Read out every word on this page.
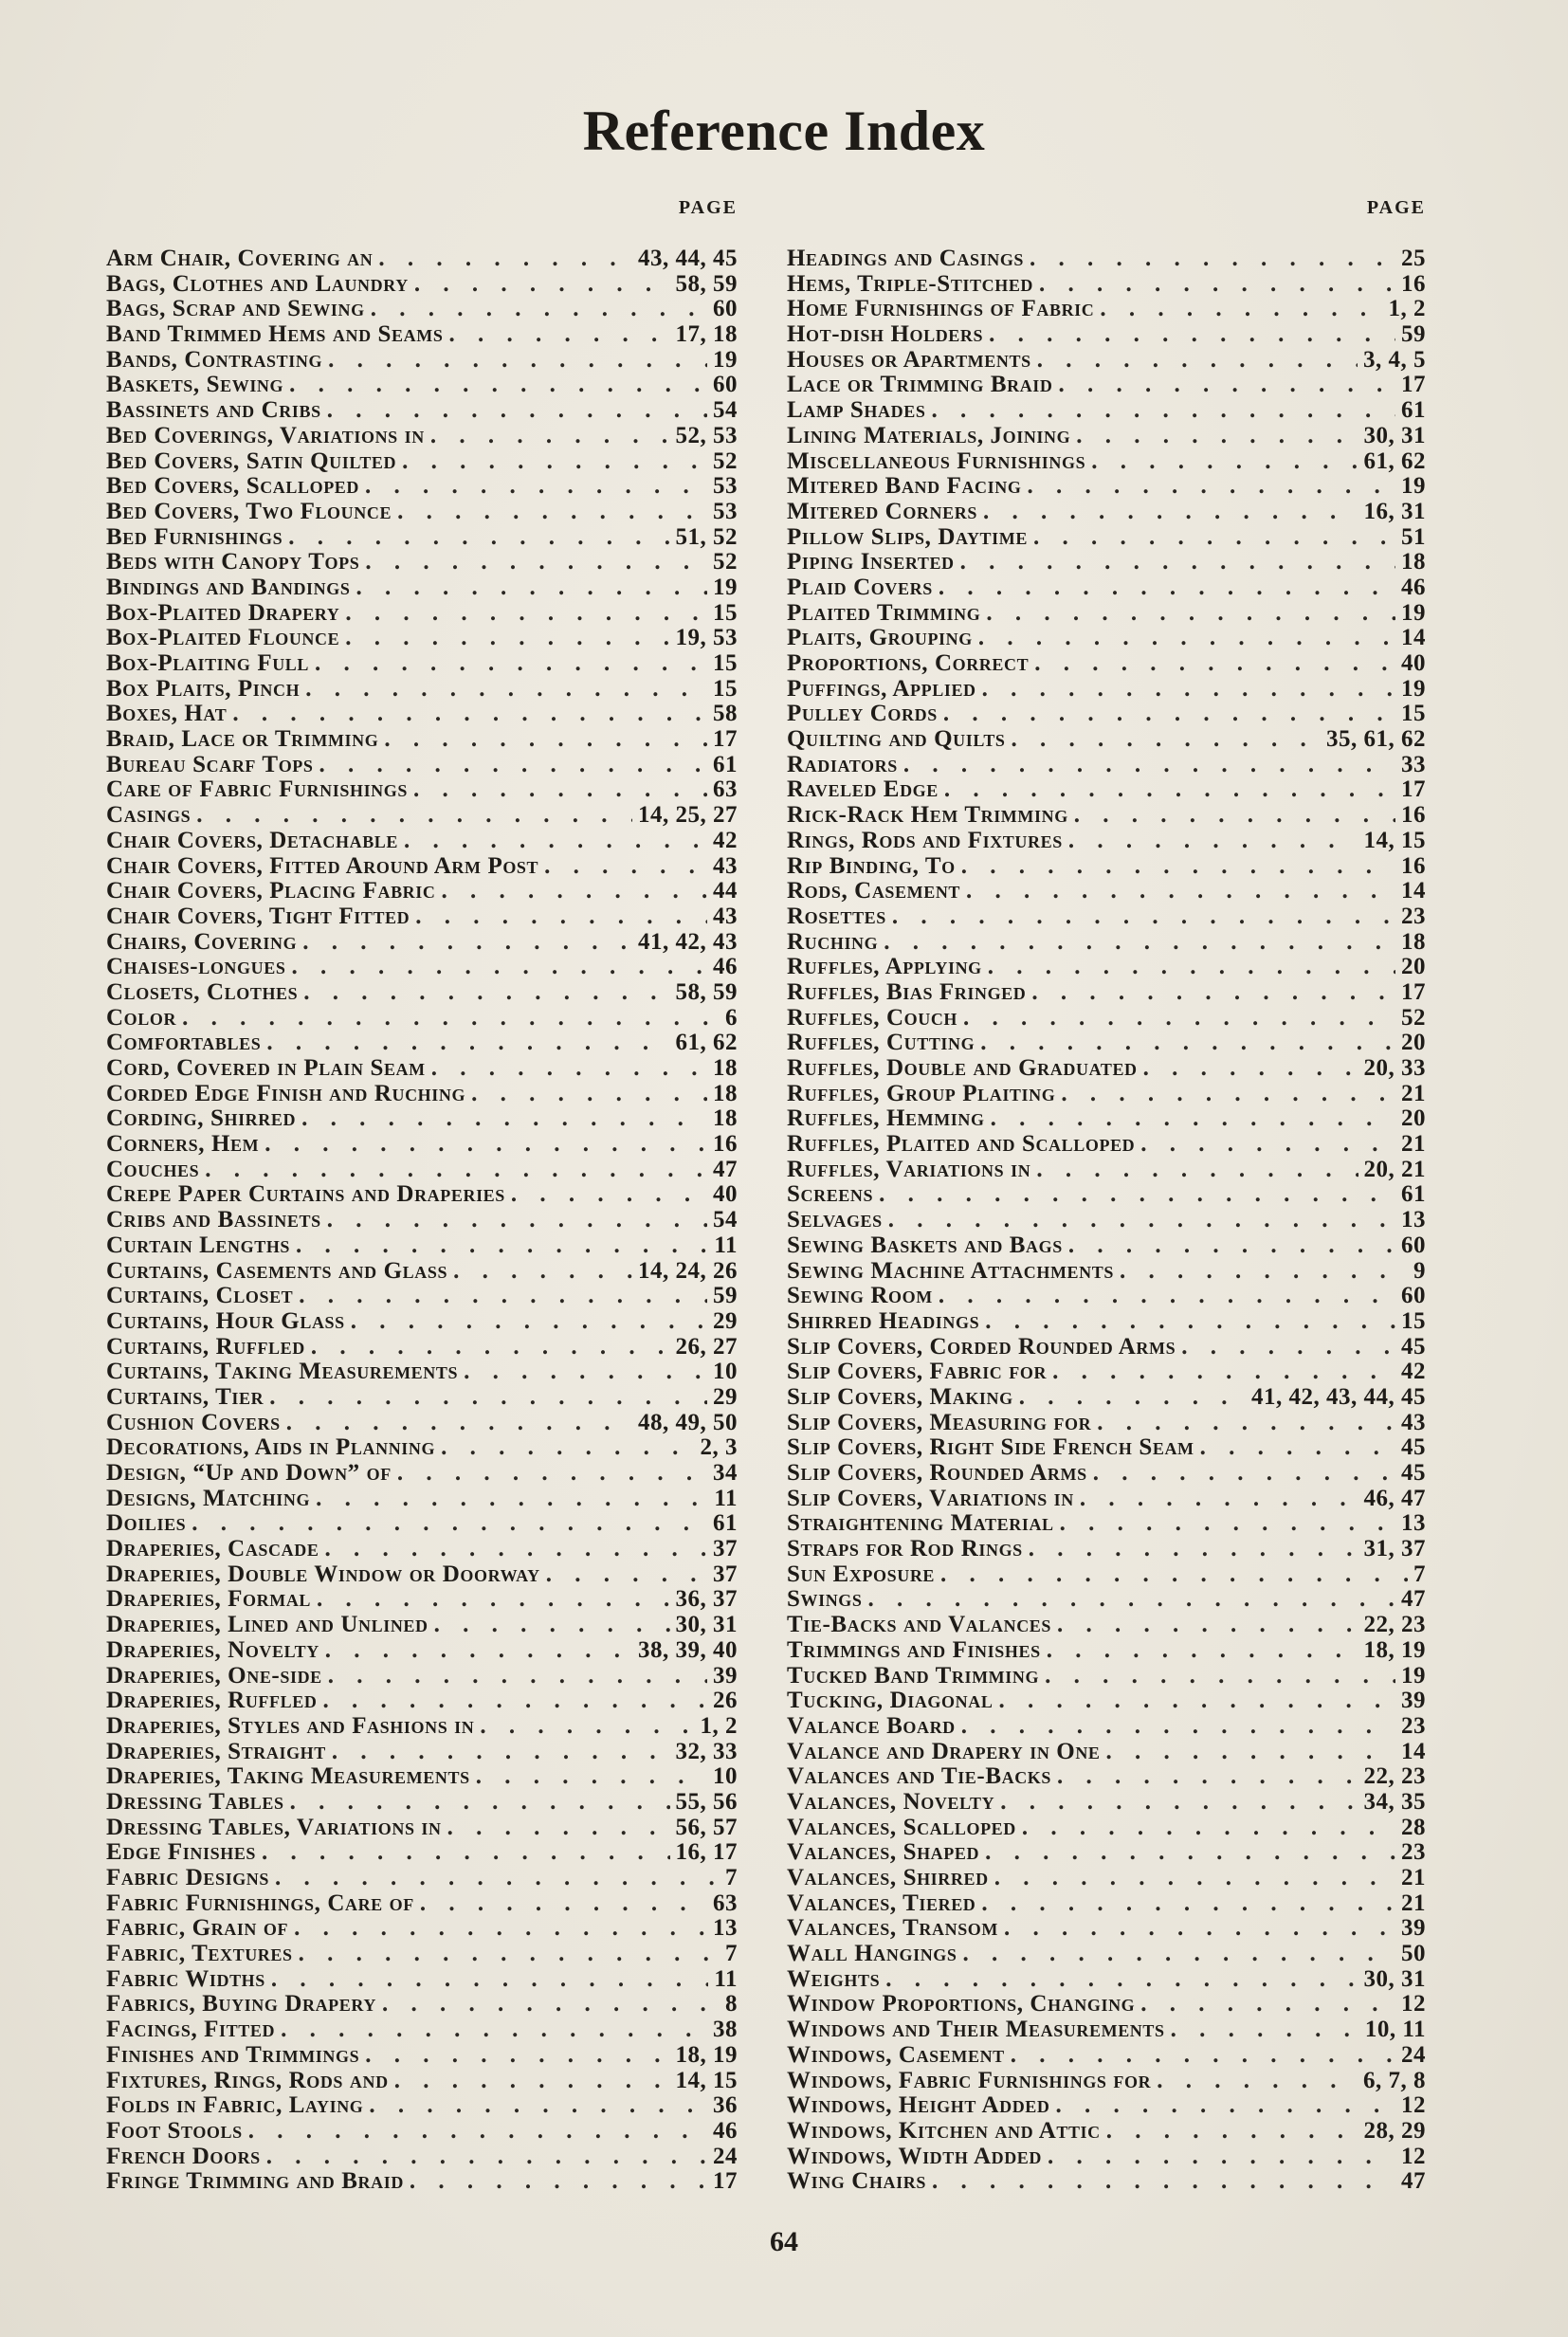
Reference Index
PAGE
Arm Chair, Covering an . . .	43, 44, 45
Bags, Clothes and Laundry . . .	58, 59
Bags, Scrap and Sewing . . .	60
Band Trimmed Hems and Seams . . .	17, 18
Bands, Contrasting . . .	19
Baskets, Sewing . . .	60
Bassinets and Cribs . . .	54
Bed Coverings, Variations in . . .	52, 53
Bed Covers, Satin Quilted . . .	52
Bed Covers, Scalloped . . .	53
Bed Covers, Two Flounce . . .	53
Bed Furnishings . . .	51, 52
Beds with Canopy Tops . . .	52
Bindings and Bandings . . .	19
Box-Plaited Drapery . . .	15
Box-Plaited Flounce . . .	19, 53
Box-Plaiting Full . . .	15
Box Plaits, Pinch . . .	15
Boxes, Hat . . .	58
Braid, Lace or Trimming . . .	17
Bureau Scarf Tops . . .	61
Care of Fabric Furnishings . . .	63
Casings . . .	14, 25, 27
Chair Covers, Detachable . . .	42
Chair Covers, Fitted Around Arm Post . . .	43
Chair Covers, Placing Fabric . . .	44
Chair Covers, Tight Fitted . . .	43
Chairs, Covering . . .	41, 42, 43
Chaises-longues . . .	46
Closets, Clothes . . .	58, 59
Color . . .	6
Comfortables . . .	61, 62
Cord, Covered in Plain Seam . . .	18
Corded Edge Finish and Ruching . . .	18
Cording, Shirred . . .	18
Corners, Hem . . .	16
Couches . . .	47
Crepe Paper Curtains and Draperies . . .	40
Cribs and Bassinets . . .	54
Curtain Lengths . . .	11
Curtains, Casements and Glass . . .	14, 24, 26
Curtains, Closet . . .	59
Curtains, Hour Glass . . .	29
Curtains, Ruffled . . .	26, 27
Curtains, Taking Measurements . . .	10
Curtains, Tier . . .	29
Cushion Covers . . .	48, 49, 50
Decorations, Aids in Planning . . .	2, 3
Design, “Up and Down” of . . .	34
Designs, Matching . . .	11
Doilies . . .	61
Draperies, Cascade . . .	37
Draperies, Double Window or Doorway . . .	37
Draperies, Formal . . .	36, 37
Draperies, Lined and Unlined . . .	30, 31
Draperies, Novelty . . .	38, 39, 40
Draperies, One-side . . .	39
Draperies, Ruffled . . .	26
Draperies, Styles and Fashions in . . .	1, 2
Draperies, Straight . . .	32, 33
Draperies, Taking Measurements . . .	10
Dressing Tables . . .	55, 56
Dressing Tables, Variations in . . .	56, 57
Edge Finishes . . .	16, 17
Fabric Designs . . .	7
Fabric Furnishings, Care of . . .	63
Fabric, Grain of . . .	13
Fabric, Textures . . .	7
Fabric Widths . . .	11
Fabrics, Buying Drapery . . .	8
Facings, Fitted . . .	38
Finishes and Trimmings . . .	18, 19
Fixtures, Rings, Rods and . . .	14, 15
Folds in Fabric, Laying . . .	36
Foot Stools . . .	46
French Doors . . .	24
Fringe Trimming and Braid . . .	17
PAGE
Headings and Casings . . .	25
Hems, Triple-Stitched . . .	16
Home Furnishings of Fabric . . .	1, 2
Hot-dish Holders . . .	59
Houses or Apartments . . .	3, 4, 5
Lace or Trimming Braid . . .	17
Lamp Shades . . .	61
Lining Materials, Joining . . .	30, 31
Miscellaneous Furnishings . . .	61, 62
Mitered Band Facing . . .	19
Mitered Corners . . .	16, 31
Pillow Slips, Daytime . . .	51
Piping Inserted . . .	18
Plaid Covers . . .	46
Plaited Trimming . . .	19
Plaits, Grouping . . .	14
Proportions, Correct . . .	40
Puffings, Applied . . .	19
Pulley Cords . . .	15
Quilting and Quilts . . .	35, 61, 62
Radiators . . .	33
Raveled Edge . . .	17
Rick-Rack Hem Trimming . . .	16
Rings, Rods and Fixtures . . .	14, 15
Rip Binding, To . . .	16
Rods, Casement . . .	14
Rosettes . . .	23
Ruching . . .	18
Ruffles, Applying . . .	20
Ruffles, Bias Fringed . . .	17
Ruffles, Couch . . .	52
Ruffles, Cutting . . .	20
Ruffles, Double and Graduated . . .	20, 33
Ruffles, Group Plaiting . . .	21
Ruffles, Hemming . . .	20
Ruffles, Plaited and Scalloped . . .	21
Ruffles, Variations in . . .	20, 21
Screens . . .	61
Selvages . . .	13
Sewing Baskets and Bags . . .	60
Sewing Machine Attachments . . .	9
Sewing Room . . .	60
Shirred Headings . . .	15
Slip Covers, Corded Rounded Arms . . .	45
Slip Covers, Fabric for . . .	42
Slip Covers, Making . . .	41, 42, 43, 44, 45
Slip Covers, Measuring for . . .	43
Slip Covers, Right Side French Seam . . .	45
Slip Covers, Rounded Arms . . .	45
Slip Covers, Variations in . . .	46, 47
Straightening Material . . .	13
Straps for Rod Rings . . .	31, 37
Sun Exposure . . .	7
Swings . . .	47
Tie-Backs and Valances . . .	22, 23
Trimmings and Finishes . . .	18, 19
Tucked Band Trimming . . .	19
Tucking, Diagonal . . .	39
Valance Board . . .	23
Valance and Drapery in One . . .	14
Valances and Tie-Backs . . .	22, 23
Valances, Novelty . . .	34, 35
Valances, Scalloped . . .	28
Valances, Shaped . . .	23
Valances, Shirred . . .	21
Valances, Tiered . . .	21
Valances, Transom . . .	39
Wall Hangings . . .	50
Weights . . .	30, 31
Window Proportions, Changing . . .	12
Windows and Their Measurements . . .	10, 11
Windows, Casement . . .	24
Windows, Fabric Furnishings for . . .	6, 7, 8
Windows, Height Added . . .	12
Windows, Kitchen and Attic . . .	28, 29
Windows, Width Added . . .	12
Wing Chairs . . .	47
64
